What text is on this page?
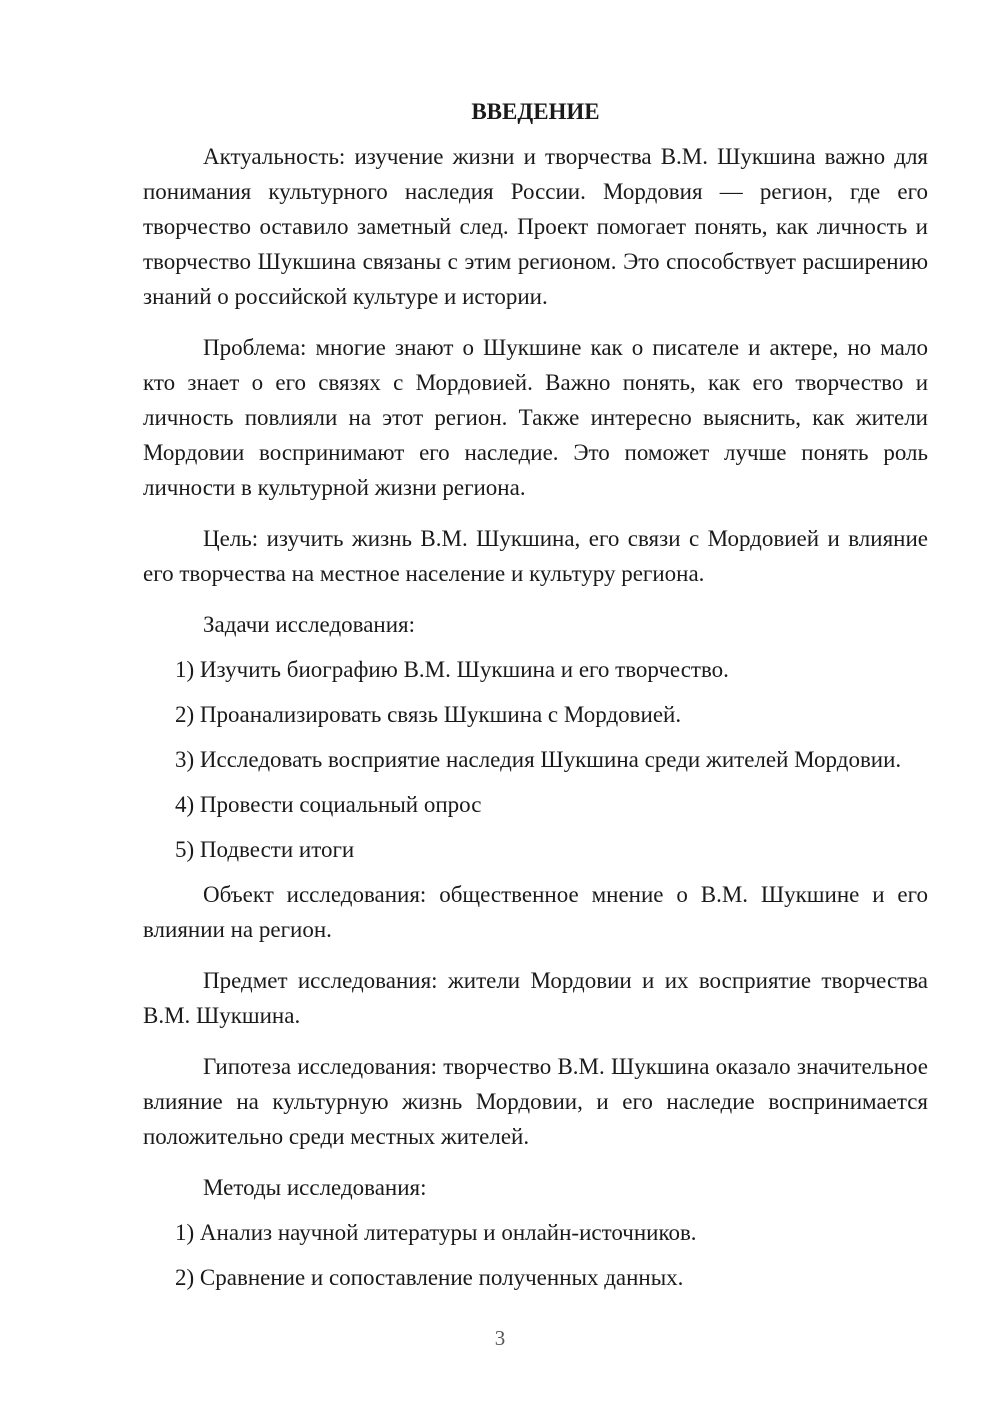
ВВЕДЕНИЕ

Актуальность: изучение жизни и творчества В.М. Шукшина важно для понимания культурного наследия России. Мордовия — регион, где его творчество оставило заметный след. Проект помогает понять, как личность и творчество Шукшина связаны с этим регионом. Это способствует расширению знаний о российской культуре и истории.

Проблема: многие знают о Шукшине как о писателе и актере, но мало кто знает о его связях с Мордовией. Важно понять, как его творчество и личность повлияли на этот регион. Также интересно выяснить, как жители Мордовии воспринимают его наследие. Это поможет лучше понять роль личности в культурной жизни региона.

Цель: изучить жизнь В.М. Шукшина, его связи с Мордовией и влияние его творчества на местное население и культуру региона.

Задачи исследования:

1) Изучить биографию В.М. Шукшина и его творчество.

2) Проанализировать связь Шукшина с Мордовией.

3) Исследовать восприятие наследия Шукшина среди жителей Мордовии.

4) Провести социальный опрос

5) Подвести итоги

Объект исследования: общественное мнение о В.М. Шукшине и его влиянии на регион.

Предмет исследования: жители Мордовии и их восприятие творчества В.М. Шукшина.

Гипотеза исследования: творчество В.М. Шукшина оказало значительное влияние на культурную жизнь Мордовии, и его наследие воспринимается положительно среди местных жителей.

Методы исследования:

1) Анализ научной литературы и онлайн-источников.

2) Сравнение и сопоставление полученных данных.

3
